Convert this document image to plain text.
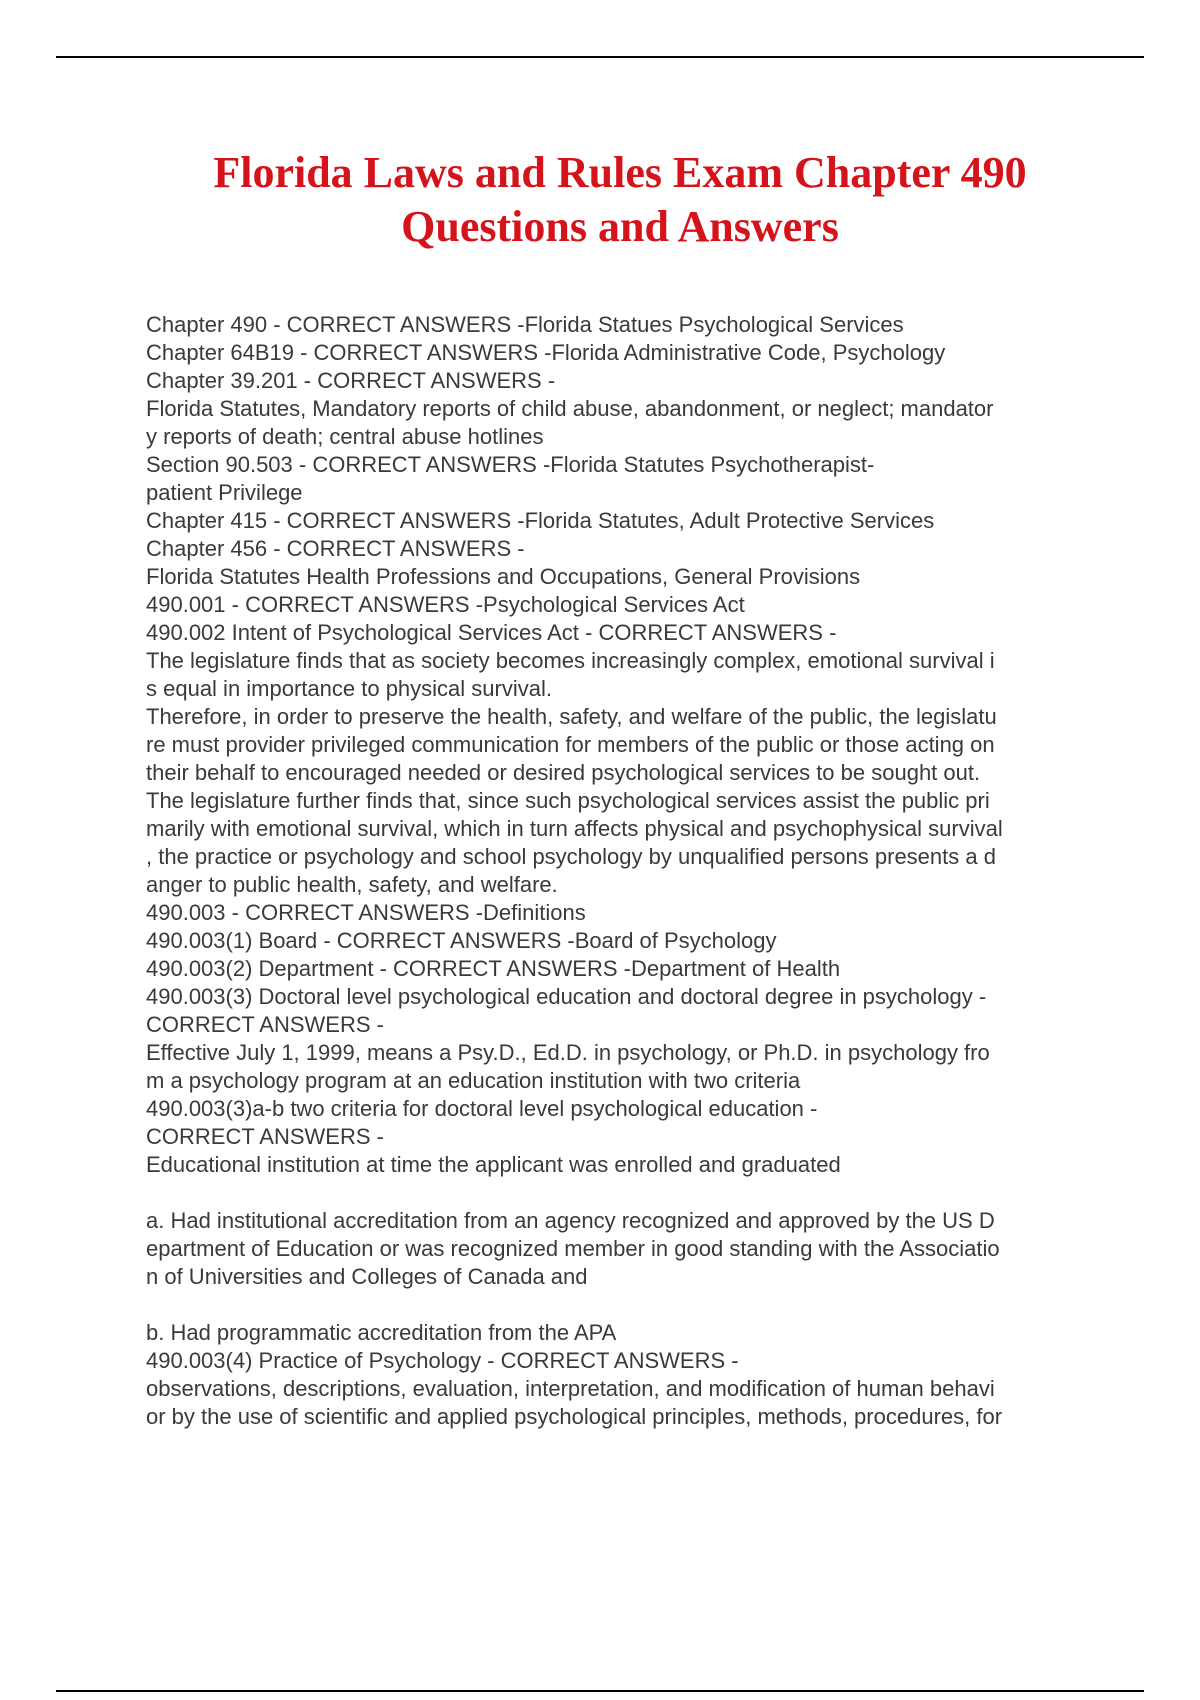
Florida Laws and Rules Exam Chapter 490
Questions and Answers
Chapter 490 - CORRECT ANSWERS -Florida Statues Psychological Services
Chapter 64B19 - CORRECT ANSWERS -Florida Administrative Code, Psychology
Chapter 39.201 - CORRECT ANSWERS -
Florida Statutes, Mandatory reports of child abuse, abandonment, or neglect; mandator
y reports of death; central abuse hotlines
Section 90.503 - CORRECT ANSWERS -Florida Statutes Psychotherapist-
patient Privilege
Chapter 415 - CORRECT ANSWERS -Florida Statutes, Adult Protective Services
Chapter 456 - CORRECT ANSWERS -
Florida Statutes Health Professions and Occupations, General Provisions
490.001 - CORRECT ANSWERS -Psychological Services Act
490.002 Intent of Psychological Services Act - CORRECT ANSWERS -
The legislature finds that as society becomes increasingly complex, emotional survival i
s equal in importance to physical survival.
Therefore, in order to preserve the health, safety, and welfare of the public, the legislatu
re must provider privileged communication for members of the public or those acting on
their behalf to encouraged needed or desired psychological services to be sought out.
The legislature further finds that, since such psychological services assist the public pri
marily with emotional survival, which in turn affects physical and psychophysical survival
, the practice or psychology and school psychology by unqualified persons presents a d
anger to public health, safety, and welfare.
490.003 - CORRECT ANSWERS -Definitions
490.003(1) Board - CORRECT ANSWERS -Board of Psychology
490.003(2) Department - CORRECT ANSWERS -Department of Health
490.003(3) Doctoral level psychological education and doctoral degree in psychology -
CORRECT ANSWERS -
Effective July 1, 1999, means a Psy.D., Ed.D. in psychology, or Ph.D. in psychology fro
m a psychology program at an education institution with two criteria
490.003(3)a-b two criteria for doctoral level psychological education -
CORRECT ANSWERS -
Educational institution at time the applicant was enrolled and graduated
a. Had institutional accreditation from an agency recognized and approved by the US D
epartment of Education or was recognized member in good standing with the Associatio
n of Universities and Colleges of Canada and
b. Had programmatic accreditation from the APA
490.003(4) Practice of Psychology - CORRECT ANSWERS -
observations, descriptions, evaluation, interpretation, and modification of human behavi
or by the use of scientific and applied psychological principles, methods, procedures, for
